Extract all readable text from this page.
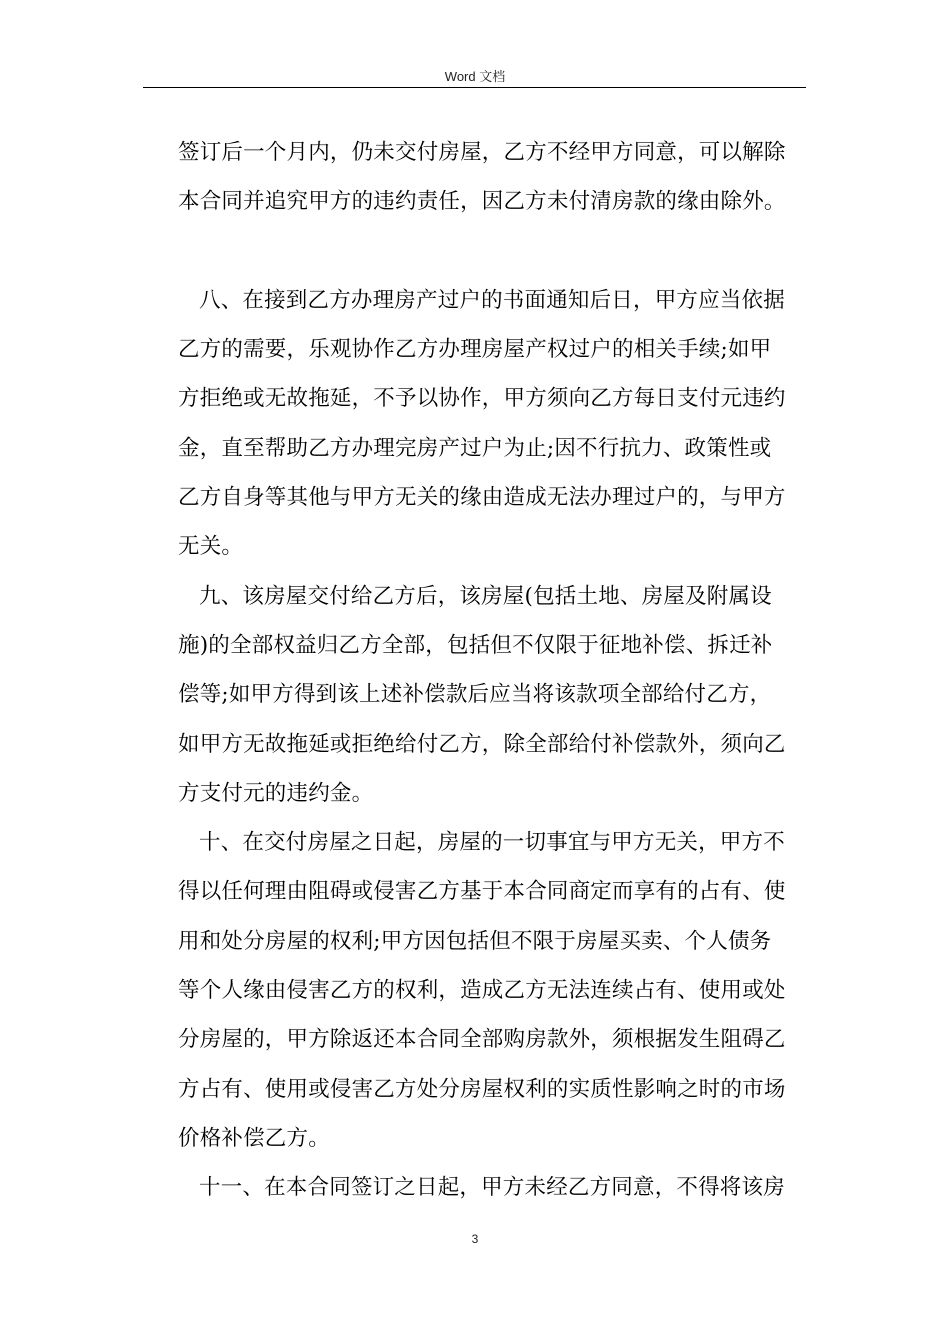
Word 文档
签订后一个月内，仍未交付房屋，乙方不经甲方同意，可以解除
本合同并追究甲方的违约责任，因乙方未付清房款的缘由除外。
八、在接到乙方办理房产过户的书面通知后日，甲方应当依据
乙方的需要，乐观协作乙方办理房屋产权过户的相关手续;如甲
方拒绝或无故拖延，不予以协作，甲方须向乙方每日支付元违约
金，直至帮助乙方办理完房产过户为止;因不行抗力、政策性或
乙方自身等其他与甲方无关的缘由造成无法办理过户的，与甲方
无关。
九、该房屋交付给乙方后，该房屋(包括土地、房屋及附属设
施)的全部权益归乙方全部，包括但不仅限于征地补偿、拆迁补
偿等;如甲方得到该上述补偿款后应当将该款项全部给付乙方，
如甲方无故拖延或拒绝给付乙方，除全部给付补偿款外，须向乙
方支付元的违约金。
十、在交付房屋之日起，房屋的一切事宜与甲方无关，甲方不
得以任何理由阻碍或侵害乙方基于本合同商定而享有的占有、使
用和处分房屋的权利;甲方因包括但不限于房屋买卖、个人债务
等个人缘由侵害乙方的权利，造成乙方无法连续占有、使用或处
分房屋的，甲方除返还本合同全部购房款外，须根据发生阻碍乙
方占有、使用或侵害乙方处分房屋权利的实质性影响之时的市场
价格补偿乙方。
十一、在本合同签订之日起，甲方未经乙方同意，不得将该房
3
